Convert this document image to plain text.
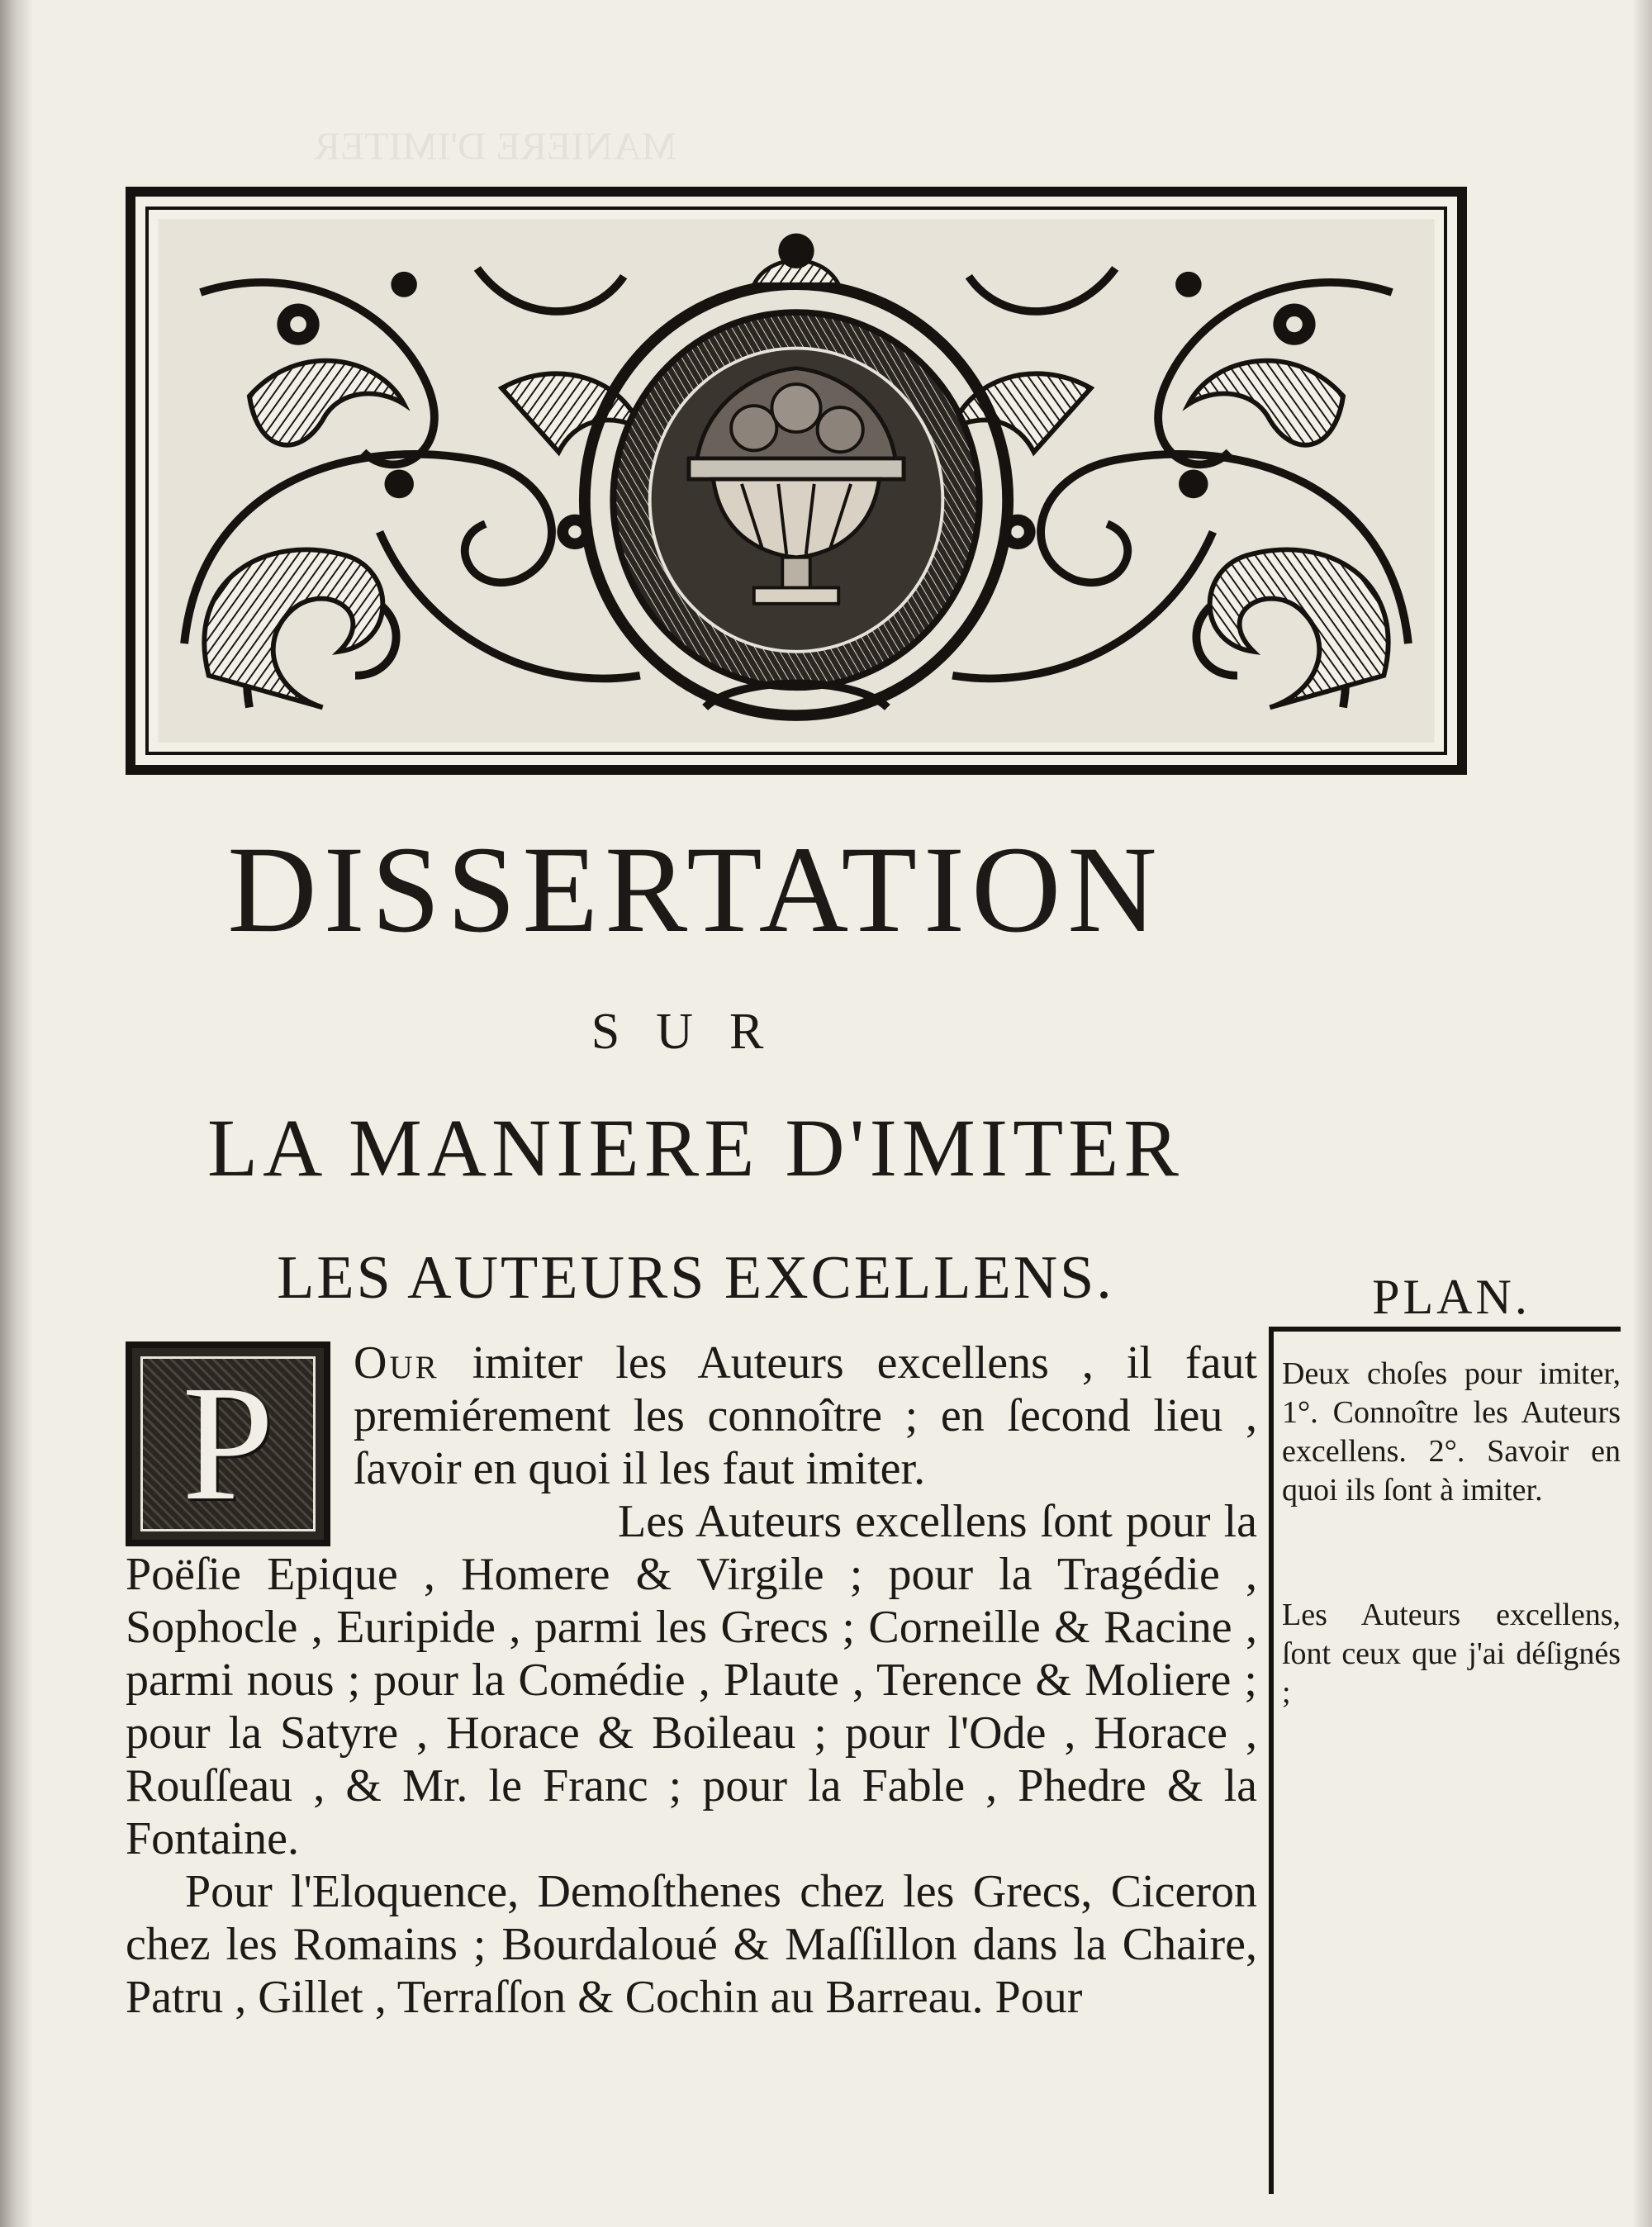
MANIERE D'IMITER
DISSERTATION
SUR
LA MANIERE D'IMITER
LES AUTEURS EXCELLENS.
P	Our imiter les Auteurs excellens , il faut premiérement les connoître ; en ſecond lieu , ſavoir en quoi il les faut imiter.

Les Auteurs excellens ſont pour la Poëſie Epique , Homere & Virgile ; pour la Tragédie , Sophocle , Euripide , parmi les Grecs ; Corneille & Racine , parmi nous ; pour la Comédie , Plaute , Terence & Moliere ; pour la Satyre , Horace & Boileau ; pour l'Ode , Horace , Rouſſeau , & Mr. le Franc ; pour la Fable , Phedre & la Fontaine.

Pour l'Eloquence, Demoſthenes chez les Grecs, Ciceron chez les Romains ; Bourdaloué & Maſſillon dans la Chaire, Patru , Gillet , Terraſſon & Cochin au Barreau. Pour

PLAN.
Deux choſes pour imiter, 1°. Connoître les Auteurs excellens. 2°. Savoir en quoi ils ſont à imiter.
Les Auteurs excellens, ſont ceux que j'ai déſignés ;
